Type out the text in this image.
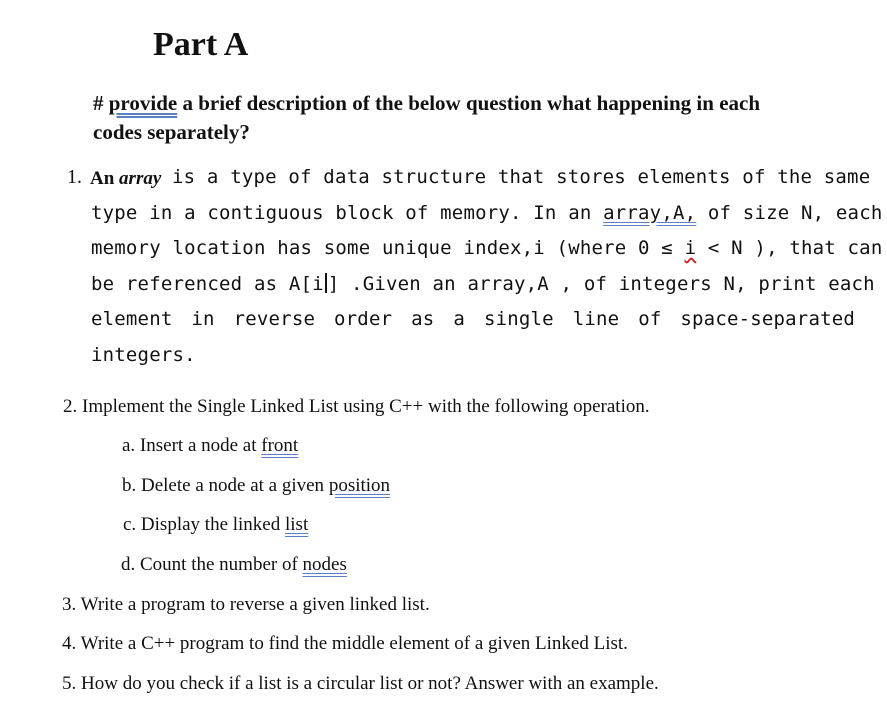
Part A
# provide a brief description of the below question what happening in each
codes separately?
1. An array is a type of data structure that stores elements of the same
type in a contiguous block of memory. In an array,A, of size N, each
memory location has some unique index,i (where 0 ≤ i < N ), that can
be referenced as A[i ] .Given an array,A , of integers N, print each
element in reverse order as a single line of space-separated
integers.
2. Implement the Single Linked List using C++ with the following operation.
a. Insert a node at front
b. Delete a node at a given position
c. Display the linked list
d. Count the number of nodes
3. Write a program to reverse a given linked list.
4. Write a C++ program to find the middle element of a given Linked List.
5. How do you check if a list is a circular list or not? Answer with an example.
